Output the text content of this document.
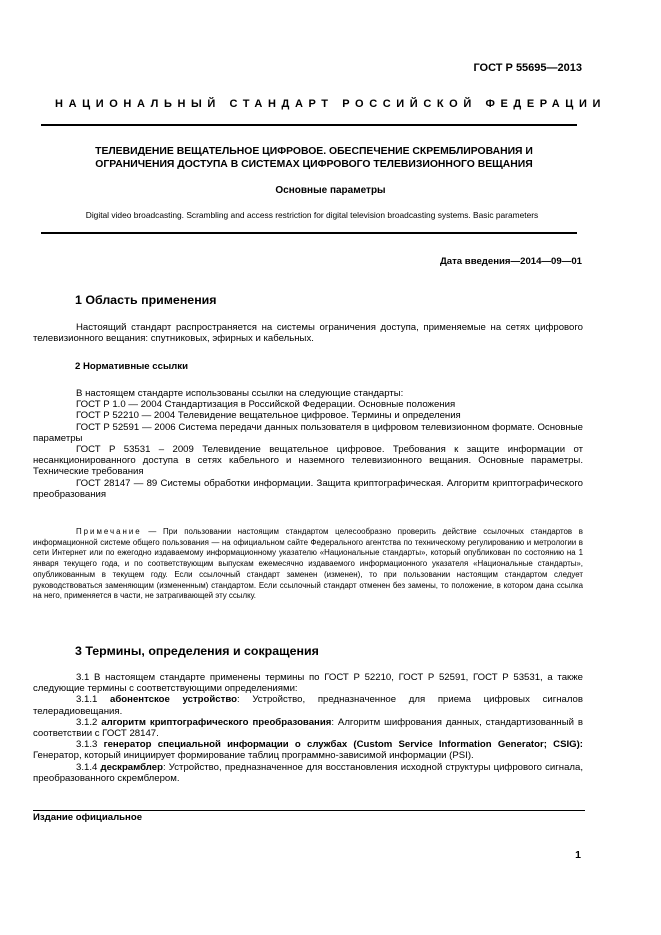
ГОСТ Р 55695—2013
НАЦИОНАЛЬНЫЙ СТАНДАРТ РОССИЙСКОЙ ФЕДЕРАЦИИ
ТЕЛЕВИДЕНИЕ ВЕЩАТЕЛЬНОЕ ЦИФРОВОЕ. ОБЕСПЕЧЕНИЕ СКРЕМБЛИРОВАНИЯ И
ОГРАНИЧЕНИЯ ДОСТУПА В СИСТЕМАХ ЦИФРОВОГО ТЕЛЕВИЗИОННОГО ВЕЩАНИЯ
Основные параметры
Digital video broadcasting. Scrambling and access restriction for digital television broadcasting systems. Basic parameters
Дата введения—2014—09—01
1 Область применения

Настоящий стандарт распространяется на системы ограничения доступа, применяемые на сетях цифрового телевизионного вещания: спутниковых, эфирных и кабельных.

2 Нормативные ссылки

В настоящем стандарте использованы ссылки на следующие стандарты:

ГОСТ Р 1.0 — 2004 Стандартизация в Российской Федерации. Основные положения

ГОСТ Р 52210 — 2004 Телевидение вещательное цифровое. Термины и определения

ГОСТ Р 52591 — 2006 Система передачи данных пользователя в цифровом телевизионном формате. Основные параметры

ГОСТ Р 53531 – 2009 Телевидение вещательное цифровое. Требования к защите информации от несанкционированного доступа в сетях кабельного и наземного телевизионного вещания. Основные параметры. Технические требования

ГОСТ 28147 — 89 Системы обработки информации. Защита криптографическая. Алгоритм криптографического преобразования

Примечание — При пользовании настоящим стандартом целесообразно проверить действие ссылочных стандартов в информационной системе общего пользования — на официальном сайте Федерального агентства по техническому регулированию и метрологии в сети Интернет или по ежегодно издаваемому информационному указателю «Национальные стандарты», который опубликован по состоянию на 1 января текущего года, и по соответствующим выпускам ежемесячно издаваемого информационного указателя «Национальные стандарты», опубликованным в текущем году. Если ссылочный стандарт заменен (изменен), то при пользовании настоящим стандартом следует руководствоваться заменяющим (измененным) стандартом. Если ссылочный стандарт отменен без замены, то положение, в котором дана ссылка на него, применяется в части, не затрагивающей эту ссылку.

3 Термины, определения и сокращения

3.1 В настоящем стандарте применены термины по ГОСТ Р 52210, ГОСТ Р 52591, ГОСТ Р 53531, а также следующие термины с соответствующими определениями:

3.1.1 абонентское устройство: Устройство, предназначенное для приема цифровых сигналов телерадиовещания.

3.1.2 алгоритм криптографического преобразования: Алгоритм шифрования данных, стандартизованный в соответствии с ГОСТ 28147.

3.1.3 генератор специальной информации о службах (Custom Service Information Generator; CSIG): Генератор, который инициирует формирование таблиц программно-зависимой информации (PSI).

3.1.4 дескрамблер: Устройство, предназначенное для восстановления исходной структуры цифрового сигнала, преобразованного скремблером.

Издание официальное
1
